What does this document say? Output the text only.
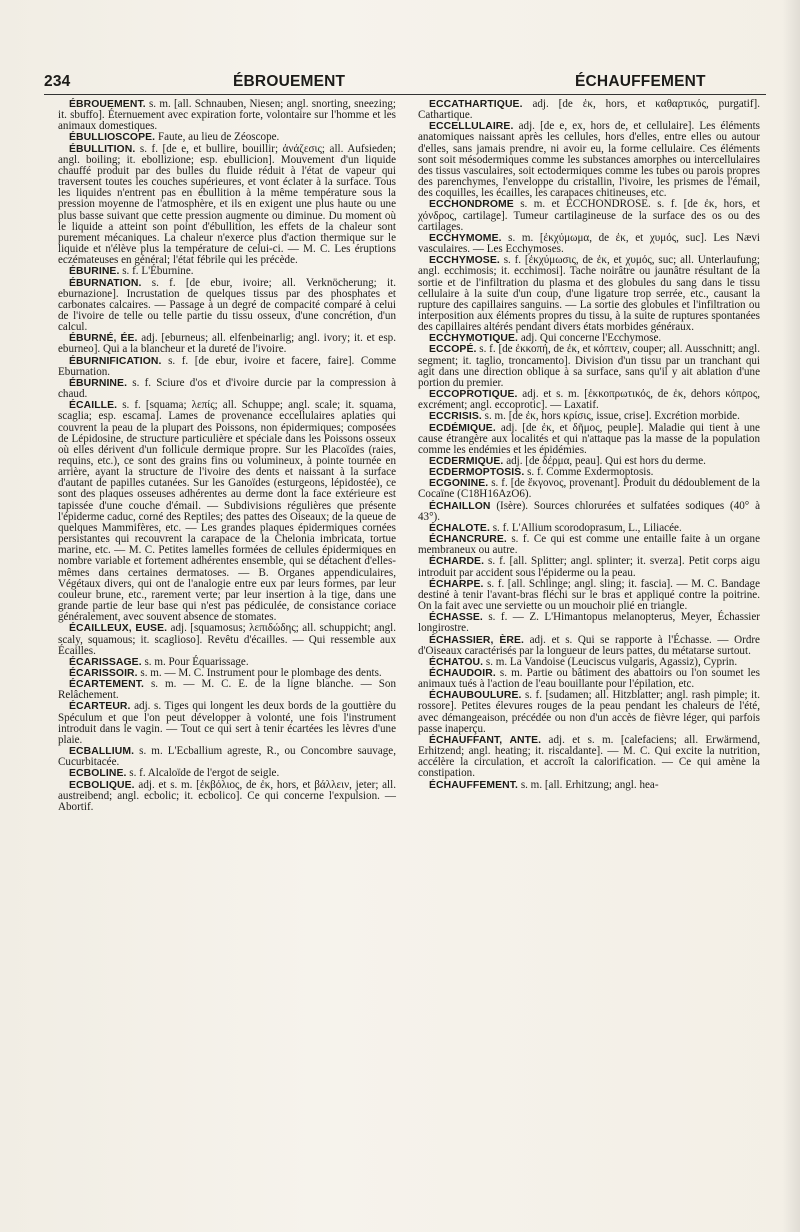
234	ÉBROUEMENT	ÉCHAUFFEMENT

ÉBROUEMENT. s. m. [all. Schnauben, Niesen; angl. snorting, sneezing; it. sbuffo]. Éternuement avec expiration forte, volontaire sur l'homme et les animaux domestiques.

ÉBULLIOSCOPE. Faute, au lieu de Zéoscope.

ÉBULLITION. s. f. [de e, et bullire, bouillir; ἀνάζεσις; all. Aufsieden; angl. boiling; it. ebollizione; esp. ebullicion]. Mouvement d'un liquide chauffé produit par des bulles du fluide réduit à l'état de vapeur qui traversent toutes les couches supérieures, et vont éclater à la surface. Tous les liquides n'entrent pas en ébullition à la même température sous la pression moyenne de l'atmosphère, et ils en exigent une plus haute ou une plus basse suivant que cette pression augmente ou diminue. Du moment où le liquide a atteint son point d'ébullition, les effets de la chaleur sont purement mécaniques. La chaleur n'exerce plus d'action thermique sur le liquide et n'élève plus la température de celui-ci. — M. C. Les éruptions eczémateuses en général; l'état fébrile qui les précède.

ÉBURINE. s. f. L'Éburnine.

ÉBURNATION. s. f. [de ebur, ivoire; all. Verknöcherung; it. eburnazione]. Incrustation de quelques tissus par des phosphates et carbonates calcaires. — Passage à un degré de compacité comparé à celui de l'ivoire de telle ou telle partie du tissu osseux, d'une concrétion, d'un calcul.

ÉBURNÉ, ÉE. adj. [eburneus; all. elfenbeinarlig; angl. ivory; it. et esp. eburneo]. Qui a la blancheur et la dureté de l'ivoire.

ÉBURNIFICATION. s. f. [de ebur, ivoire et facere, faire]. Comme Eburnation.

ÉBURNINE. s. f. Sciure d'os et d'ivoire durcie par la compression à chaud.

ÉCAILLE. s. f. [squama; λεπίς; all. Schuppe; angl. scale; it. squama, scaglia; esp. escama]. Lames de provenance eccellulaires aplaties qui couvrent la peau de la plupart des Poissons, non épidermiques; composées de Lépidosine, de structure particulière et spéciale dans les Poissons osseux où elles dérivent d'un follicule dermique propre. Sur les Placoïdes (raies, requins, etc.), ce sont des grains fins ou volumineux, à pointe tournée en arrière, ayant la structure de l'ivoire des dents et naissant à la surface d'autant de papilles cutanées. Sur les Ganoïdes (esturgeons, lépidostée), ce sont des plaques osseuses adhérentes au derme dont la face extérieure est tapissée d'une couche d'émail. — Subdivisions régulières que présente l'épiderme caduc, corné des Reptiles; des pattes des Oiseaux; de la queue de quelques Mammifères, etc. — Les grandes plaques épidermiques cornées persistantes qui recouvrent la carapace de la Chelonia imbricata, tortue marine, etc. — M. C. Petites lamelles formées de cellules épidermiques en nombre variable et fortement adhérentes ensemble, qui se détachent d'elles-mêmes dans certaines dermatoses. — B. Organes appendiculaires, Végétaux divers, qui ont de l'analogie entre eux par leurs formes, par leur couleur brune, etc., rarement verte; par leur insertion à la tige, dans une grande partie de leur base qui n'est pas pédiculée, de consistance coriace généralement, avec souvent absence de stomates.

ÉCAILLEUX, EUSE. adj. [squamosus; λεπιδώδης; all. schuppicht; angl. scaly, squamous; it. scaglioso]. Revêtu d'écailles. — Qui ressemble aux Écailles.

ÉCARISSAGE. s. m. Pour Équarissage.

ÉCARISSOIR. s. m. — M. C. Instrument pour le plombage des dents.

ÉCARTEMENT. s. m. — M. C. E. de la ligne blanche. — Son Relâchement.

ÉCARTEUR. adj. s. Tiges qui longent les deux bords de la gouttière du Spéculum et que l'on peut développer à volonté, une fois l'instrument introduit dans le vagin. — Tout ce qui sert à tenir écartées les lèvres d'une plaie.

ECBALLIUM. s. m. L'Ecballium agreste, R., ou Concombre sauvage, Cucurbitacée.

ECBOLINE. s. f. Alcaloïde de l'ergot de seigle.

ECBOLIQUE. adj. et s. m. [ἐκβόλιος, de ἐκ, hors, et βάλλειν, jeter; all. austreibend; angl. ecbolic; it. ecbolico]. Ce qui concerne l'expulsion. — Abortif.

ECCATHARTIQUE. adj. [de ἐκ, hors, et καθαρτικός, purgatif]. Cathartique.

ECCELLULAIRE. adj. [de e, ex, hors de, et cellulaire]. Les éléments anatomiques naissant après les cellules, hors d'elles, entre elles ou autour d'elles, sans jamais prendre, ni avoir eu, la forme cellulaire. Ces éléments sont soit mésodermiques comme les substances amorphes ou intercellulaires des tissus vasculaires, soit ectodermiques comme les tubes ou parois propres des parenchymes, l'enveloppe du cristallin, l'ivoire, les prismes de l'émail, des coquilles, les écailles, les carapaces chitineuses, etc.

ECCHONDROME s. m. et ECCHONDROSE. s. f. [de ἐκ, hors, et χόνδρος, cartilage]. Tumeur cartilagineuse de la surface des os ou des cartilages.

ECCHYMOME. s. m. [ἐκχύμωμα, de ἐκ, et χυμός, suc]. Les Nævi vasculaires. — Les Ecchymoses.

ECCHYMOSE. s. f. [ἐκχύμωσις, de ἐκ, et χυμός, suc; all. Unterlaufung; angl. ecchimosis; it. ecchimosi]. Tache noirâtre ou jaunâtre résultant de la sortie et de l'infiltration du plasma et des globules du sang dans le tissu cellulaire à la suite d'un coup, d'une ligature trop serrée, etc., causant la rupture des capillaires sanguins. — La sortie des globules et l'infiltration ou interposition aux éléments propres du tissu, à la suite de ruptures spontanées des capillaires altérés pendant divers états morbides généraux.

ECCHYMOTIQUE. adj. Qui concerne l'Ecchymose.

ECCOPÉ. s. f. [de ἐκκοπή, de ἐκ, et κόπτειν, couper; all. Ausschnitt; angl. segment; it. taglio, troncamento]. Division d'un tissu par un tranchant qui agit dans une direction oblique à sa surface, sans qu'il y ait ablation d'une portion du premier.

ECCOPROTIQUE. adj. et s. m. [ἐκκοπρωτικός, de ἐκ, dehors κόπρος, excrément; angl. eccoprotic]. — Laxatif.

ECCRISIS. s. m. [de ἐκ, hors κρίσις, issue, crise]. Excrétion morbide.

ECDÉMIQUE. adj. [de ἐκ, et δῆμος, peuple]. Maladie qui tient à une cause étrangère aux localités et qui n'attaque pas la masse de la population comme les endémies et les épidémies.

ECDERMIQUE. adj. [de δέρμα, peau]. Qui est hors du derme.

ECDERMOPTOSIS. s. f. Comme Exdermoptosis.

ECGONINE. s. f. [de ἔκγονος, provenant]. Produit du dédoublement de la Cocaïne (C18H16AzO6).

ÉCHAILLON (Isère). Sources chlorurées et sulfatées sodiques (40° à 43°).

ÉCHALOTE. s. f. L'Allium scorodoprasum, L., Liliacée.

ÉCHANCRURE. s. f. Ce qui est comme une entaille faite à un organe membraneux ou autre.

ÉCHARDE. s. f. [all. Splitter; angl. splinter; it. sverza]. Petit corps aigu introduit par accident sous l'épiderme ou la peau.

ÉCHARPE. s. f. [all. Schlinge; angl. sling; it. fascia]. — M. C. Bandage destiné à tenir l'avant-bras fléchi sur le bras et appliqué contre la poitrine. On la fait avec une serviette ou un mouchoir plié en triangle.

ÉCHASSE. s. f. — Z. L'Himantopus melanopterus, Meyer, Échassier longirostre.

ÉCHASSIER, ÈRE. adj. et s. Qui se rapporte à l'Échasse. — Ordre d'Oiseaux caractérisés par la longueur de leurs pattes, du métatarse surtout.

ÉCHATOU. s. m. La Vandoise (Leuciscus vulgaris, Agassiz), Cyprin.

ÉCHAUDOIR. s. m. Partie ou bâtiment des abattoirs ou l'on soumet les animaux tués à l'action de l'eau bouillante pour l'épilation, etc.

ÉCHAUBOULURE. s. f. [sudamen; all. Hitzblatter; angl. rash pimple; it. rossore]. Petites élevures rouges de la peau pendant les chaleurs de l'été, avec démangeaison, précédée ou non d'un accès de fièvre léger, qui parfois passe inaperçu.

ÉCHAUFFANT, ANTE. adj. et s. m. [calefaciens; all. Erwärmend, Erhitzend; angl. heating; it. riscaldante]. — M. C. Qui excite la nutrition, accélère la circulation, et accroît la calorification. — Ce qui amène la constipation.

ÉCHAUFFEMENT. s. m. [all. Erhitzung; angl. hea-
